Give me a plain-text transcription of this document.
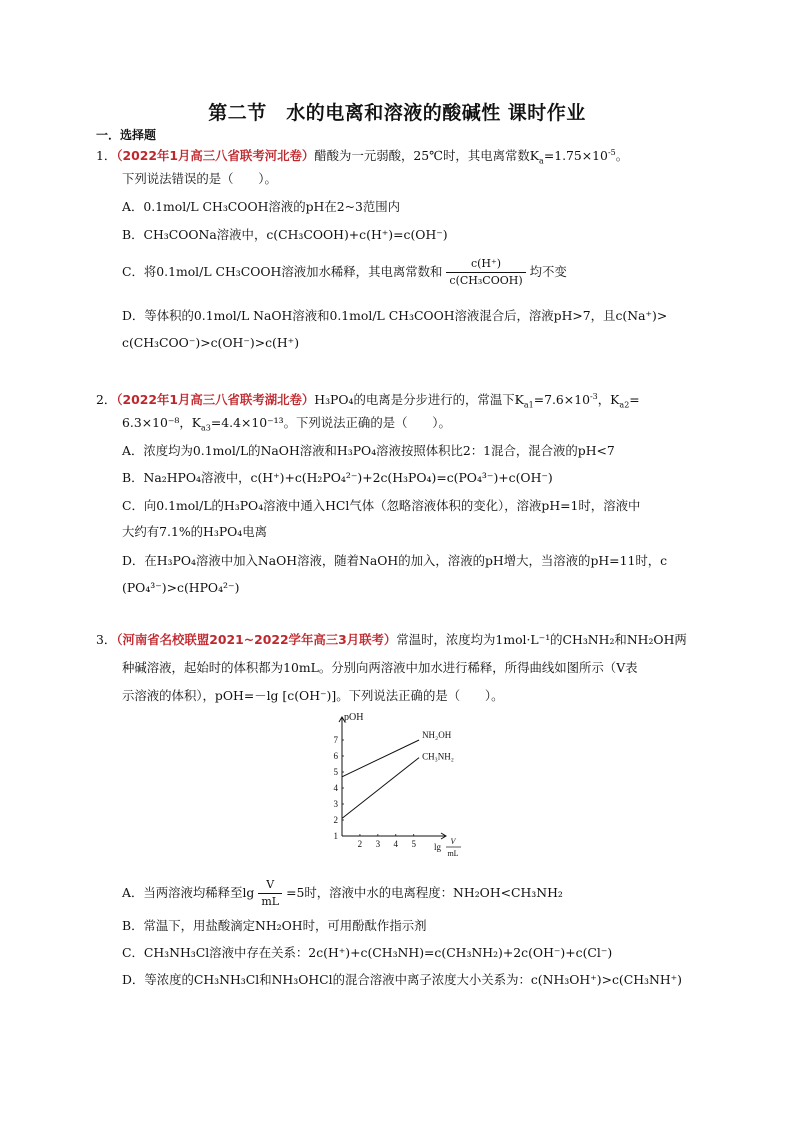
第二节　水的电离和溶液的酸碱性 课时作业
一．选择题
1．（2022年1月高三八省联考河北卷）醋酸为一元弱酸，25℃时，其电离常数$K_a=1.75\times 10^{-5}$。
下列说法错误的是（　　）。
A．0.1mol/L CH₃COOH溶液的pH在2~3范围内
B．CH₃COONa溶液中，c(CH₃COOH)+c(H⁺)=c(OH⁻)
C．将0.1mol/L CH₃COOH溶液加水稀释，其电离常数和 $\frac{c(H^+)}{\text{c(CH₃COOH)}}$ 均不变
D．等体积的0.1mol/L NaOH溶液和0.1mol/L CH₃COOH溶液混合后，溶液pH>7，且c(Na⁺)>
c(CH₃COO⁻)>c(OH⁻)>c(H⁺)
2．（2022年1月高三八省联考湖北卷）H₃PO₄的电离是分步进行的，常温下$K_{a1}=7.6\times 10^{-3}$，$K_{a2}=$
6.3×10⁻⁸，$K_{a3}=4.4\times 10^{-13}$。下列说法正确的是（　　）。
A．浓度均为0.1mol/L的NaOH溶液和H₃PO₄溶液按照体积比2：1混合，混合液的pH<7
B．Na₂HPO₄溶液中，c(H⁺)+c(H₂PO₄²⁻)+2c(H₃PO₄)=c(PO₄³⁻)+c(OH⁻)
C．向0.1mol/L的H₃PO₄溶液中通入HCl气体（忽略溶液体积的变化），溶液pH=1时，溶液中
大约有7.1%的H₃PO₄电离
D．在H₃PO₄溶液中加入NaOH溶液，随着NaOH的加入，溶液的pH增大，当溶液的pH=11时，c
(PO₄³⁻)>c(HPO₄²⁻)
3．（河南省名校联盟2021~2022学年高三3月联考）常温时，浓度均为1mol·L⁻¹的CH₃NH₂和NH₂OH两
种碱溶液，起始时的体积都为10mL。分别向两溶液中加水进行稀释，所得曲线如图所示（V表
示溶液的体积），pOH=－lg [c(OH⁻)]。下列说法正确的是（　　）。
pOH
1
2
3
4
5
6
7
2 3 4 5 lg
V
mL
NH₂OH
CH₃NH₂
A．当两溶液均稀释至$\lg \frac{V}{mL} =5$时，溶液中水的电离程度：NH₂OH<CH₃NH₂
B．常温下，用盐酸滴定NH₂OH时，可用酚酞作指示剂
C．CH₃NH₃Cl溶液中存在关系：2c(H⁺)+c(CH₃NH)=c(CH₃NH₂)+2c(OH⁻)+c(Cl⁻)
D．等浓度的CH₃NH₃Cl和NH₃OHCl的混合溶液中离子浓度大小关系为：c(NH₃OH⁺)>c(CH₃NH⁺)
